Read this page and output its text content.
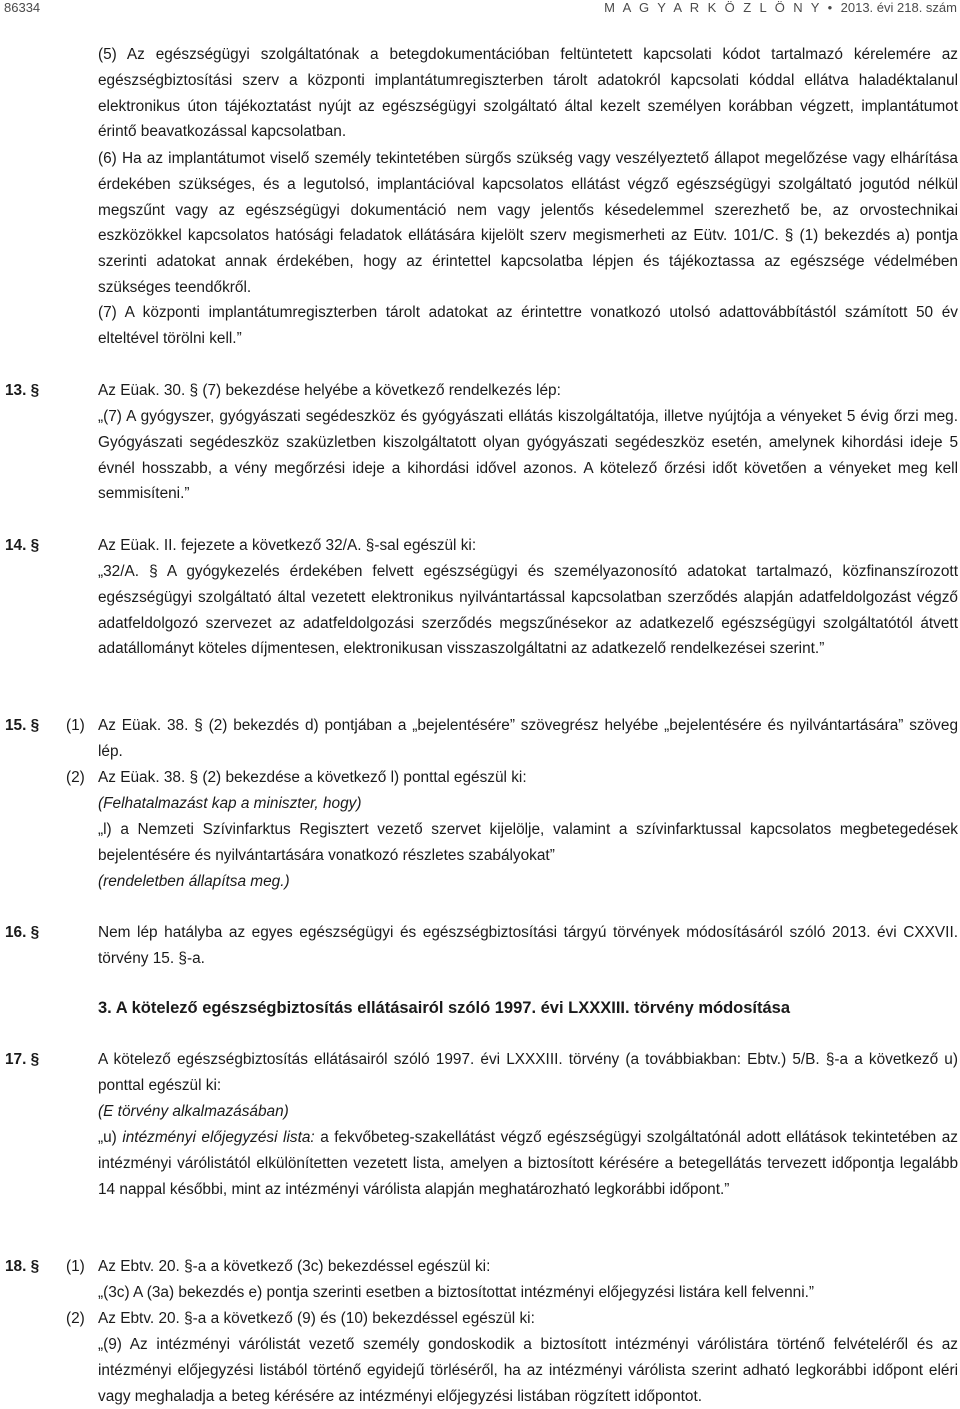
86334	M A G Y A R K Ö Z L Ö N Y • 2013. évi 218. szám
(5) Az egészségügyi szolgáltatónak a betegdokumentációban feltüntetett kapcsolati kódot tartalmazó kérelemére az egészségbiztosítási szerv a központi implantátumregiszterben tárolt adatokról kapcsolati kóddal ellátva haladéktalanul elektronikus úton tájékoztatást nyújt az egészségügyi szolgáltató által kezelt személyen korábban végzett, implantátumot érintő beavatkozással kapcsolatban.
(6) Ha az implantátumot viselő személy tekintetében sürgős szükség vagy veszélyeztető állapot megelőzése vagy elhárítása érdekében szükséges, és a legutolsó, implantációval kapcsolatos ellátást végző egészségügyi szolgáltató jogutód nélkül megszűnt vagy az egészségügyi dokumentáció nem vagy jelentős késedelemmel szerezhető be, az orvostechnikai eszközökkel kapcsolatos hatósági feladatok ellátására kijelölt szerv megismerheti az Eütv. 101/C. § (1) bekezdés a) pontja szerinti adatokat annak érdekében, hogy az érintettel kapcsolatba lépjen és tájékoztassa az egészsége védelmében szükséges teendőkről.
(7) A központi implantátumregiszterben tárolt adatokat az érintettre vonatkozó utolsó adattovábbítástól számított 50 év elteltével törölni kell.”
13. §	Az Eüak. 30. § (7) bekezdése helyébe a következő rendelkezés lép:
„(7) A gyógyszer, gyógyászati segédeszköz és gyógyászati ellátás kiszolgáltatója, illetve nyújtója a vényeket 5 évig őrzi meg. Gyógyászati segédeszköz szaküzletben kiszolgáltatott olyan gyógyászati segédeszköz esetén, amelynek kihordási ideje 5 évnél hosszabb, a vény megőrzési ideje a kihordási idővel azonos. A kötelező őrzési időt követően a vényeket meg kell semmisíteni.”
14. §	Az Eüak. II. fejezete a következő 32/A. §-sal egészül ki:
„32/A. § A gyógykezelés érdekében felvett egészségügyi és személyazonosító adatokat tartalmazó, közfinanszírozott egészségügyi szolgáltató által vezetett elektronikus nyilvántartással kapcsolatban szerződés alapján adatfeldolgozást végző adatfeldolgozó szervezet az adatfeldolgozási szerződés megszűnésekor az adatkezelő egészségügyi szolgáltatótól átvett adatállományt köteles díjmentesen, elektronikusan visszaszolgáltatni az adatkezelő rendelkezései szerint.”
15. § (1) Az Eüak. 38. § (2) bekezdés d) pontjában a „bejelentésére” szövegrész helyébe „bejelentésére és nyilvántartására” szöveg lép.
(2) Az Eüak. 38. § (2) bekezdése a következő l) ponttal egészül ki:
(Felhatalmazást kap a miniszter, hogy)
„l) a Nemzeti Szívinfarktus Regisztert vezető szervet kijelölje, valamint a szívinfarktussal kapcsolatos megbetegedések bejelentésére és nyilvántartására vonatkozó részletes szabályokat”
(rendeletben állapítsa meg.)
16. §	Nem lép hatályba az egyes egészségügyi és egészségbiztosítási tárgyú törvények módosításáról szóló 2013. évi CXXVII. törvény 15. §-a.
3. A kötelező egészségbiztosítás ellátásairól szóló 1997. évi LXXXIII. törvény módosítása
17. §	A kötelező egészségbiztosítás ellátásairól szóló 1997. évi LXXXIII. törvény (a továbbiakban: Ebtv.) 5/B. §-a a következő u) ponttal egészül ki:
(E törvény alkalmazásában)
„u) intézményi előjegyzési lista: a fekvőbeteg-szakellátást végző egészségügyi szolgáltatónál adott ellátások tekintetében az intézményi várólistától elkülönítetten vezetett lista, amelyen a biztosított kérésére a betegellátás tervezett időpontja legalább 14 nappal későbbi, mint az intézményi várólista alapján meghatározható legkorábbi időpont.”
18. § (1) Az Ebtv. 20. §-a a következő (3c) bekezdéssel egészül ki:
„(3c) A (3a) bekezdés e) pontja szerinti esetben a biztosítottat intézményi előjegyzési listára kell felvenni.”
(2) Az Ebtv. 20. §-a a következő (9) és (10) bekezdéssel egészül ki:
„(9) Az intézményi várólistát vezető személy gondoskodik a biztosított intézményi várólistára történő felvételéről és az intézményi előjegyzési listából történő egyidejű törléséről, ha az intézményi várólista szerint adható legkorábbi időpont eléri vagy meghaladja a beteg kérésére az intézményi előjegyzési listában rögzített időpontot.
